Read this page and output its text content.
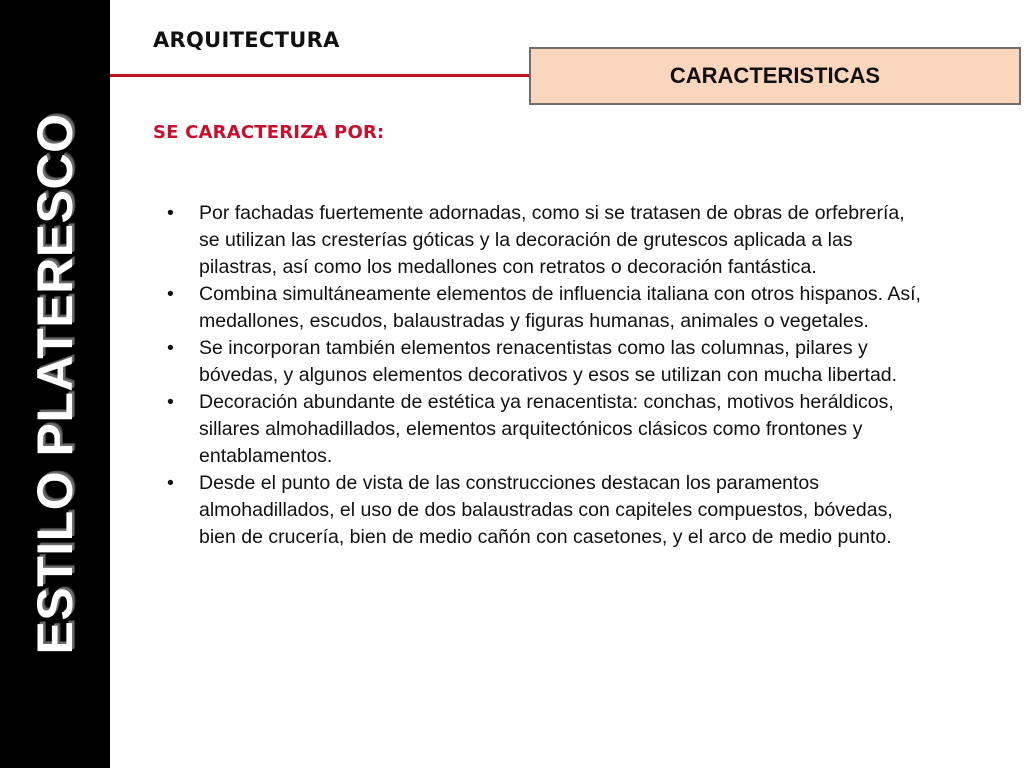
ESTILO PLATERESCO
ARQUITECTURA
CARACTERISTICAS
SE CARACTERIZA POR:
• Por fachadas fuertemente adornadas, como si se tratasen de obras de orfebrería, se utilizan las cresterías góticas y la decoración de grutescos aplicada a las pilastras, así como los medallones con retratos o decoración fantástica.
• Combina simultáneamente elementos de influencia italiana con otros hispanos. Así, medallones, escudos, balaustradas y figuras humanas, animales o vegetales.
• Se incorporan también elementos renacentistas como las columnas, pilares y bóvedas, y algunos elementos decorativos y esos se utilizan con mucha libertad.
• Decoración abundante de estética ya renacentista: conchas, motivos heráldicos, sillares almohadillados, elementos arquitectónicos clásicos como frontones y entablamentos.
• Desde el punto de vista de las construcciones destacan los paramentos almohadillados, el uso de dos balaustradas con capiteles compuestos, bóvedas, bien de crucería, bien de medio cañón con casetones, y el arco de medio punto.
